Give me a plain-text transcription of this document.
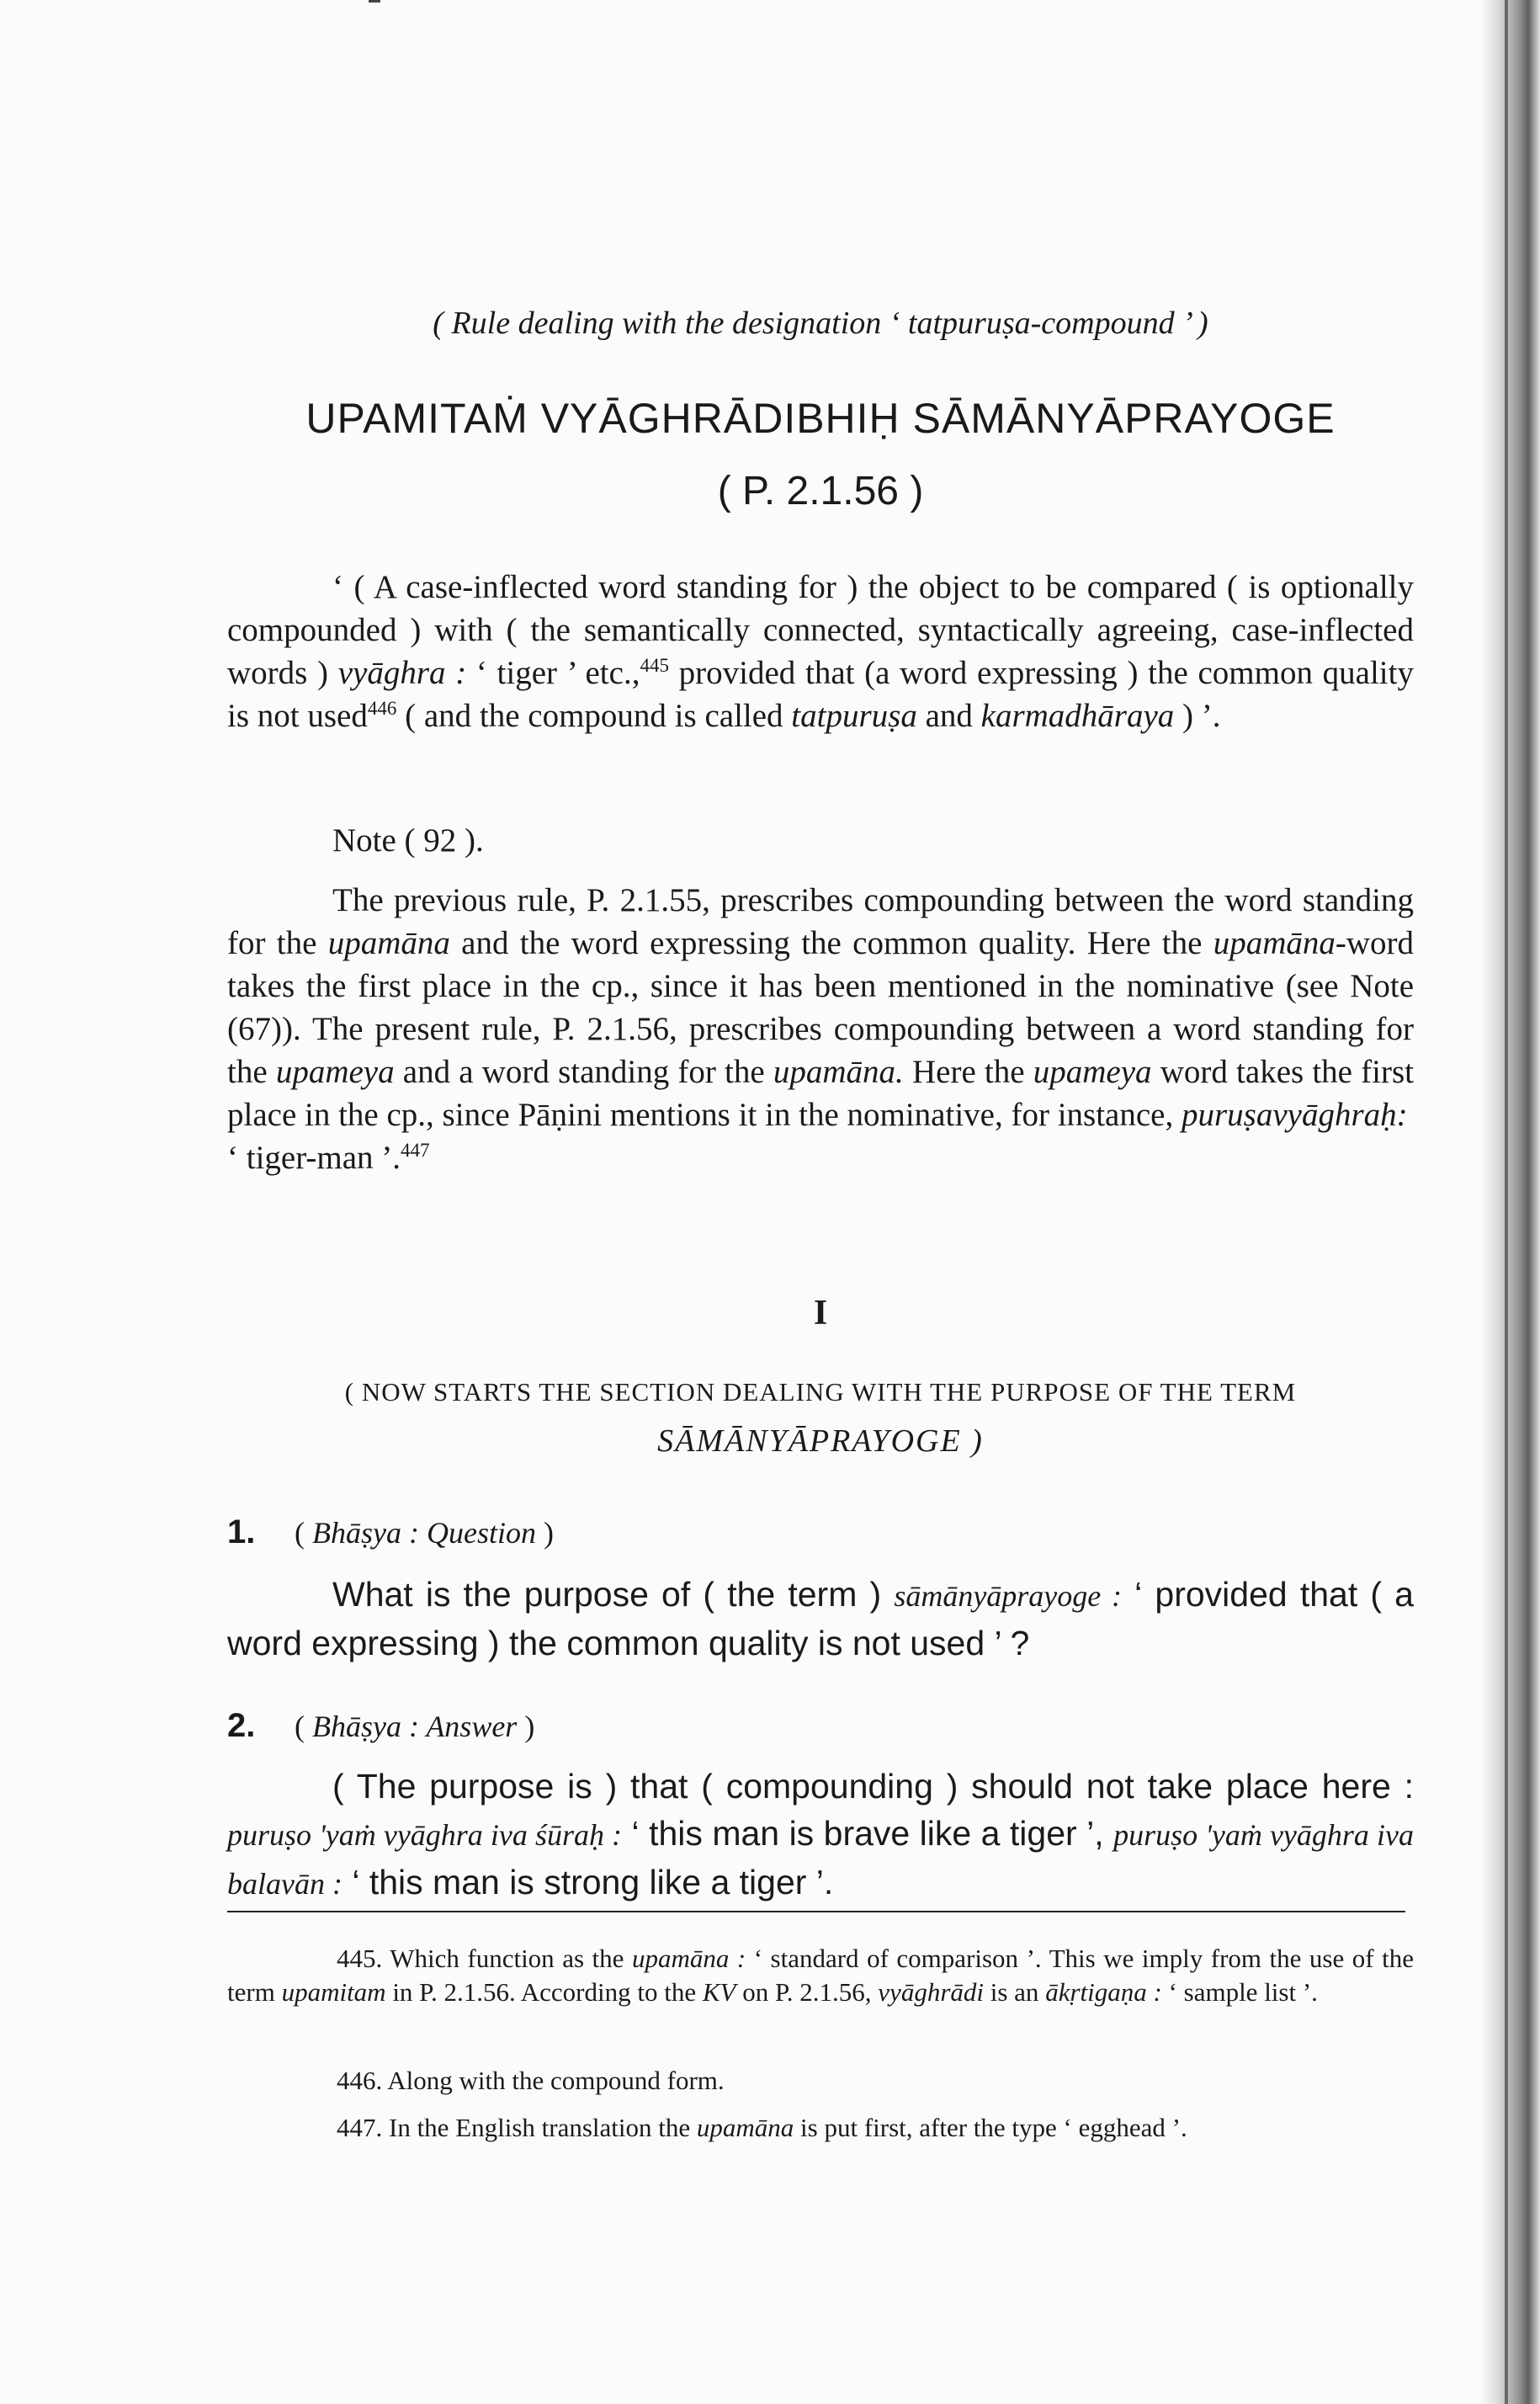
( Rule dealing with the designation ‘ tatpuruṣa-compound ’ )
UPAMITAṀ VYĀGHRĀDIBHIḤ SĀMĀNYĀPRAYOGE
( P. 2.1.56 )

‘ ( A case-inflected word standing for ) the object to be compared ( is optionally compounded ) with ( the semantically connected, syntactically agreeing, case-inflected words ) vyāghra : ‘ tiger ’ etc.,$^{445}$ provided that (a word expressing ) the common quality is not used$^{446}$ ( and the compound is called tatpuruṣa and karmadhāraya ) ’.

Note ( 92 ).

The previous rule, P. 2.1.55, prescribes compounding between the word standing for the upamāna and the word expressing the common quality. Here the upamāna-word takes the first place in the cp., since it has been mentioned in the nominative (see Note (67)). The present rule, P. 2.1.56, prescribes compounding between a word standing for the upameya and a word standing for the upamāna. Here the upameya word takes the first place in the cp., since Pāṇini mentions it in the nominative, for instance, puruṣavyāghraḥ:
‘ tiger-man ’.$^{447}$

I
( NOW STARTS THE SECTION DEALING WITH THE PURPOSE OF THE TERM
SĀMĀNYĀPRAYOGE )
1. ( Bhāṣya : Question )

What is the purpose of ( the term ) sāmānyāprayoge : ‘ provided that ( a word expressing ) the common quality is not used ’ ?

2. ( Bhāṣya : Answer )

( The purpose is ) that ( compounding ) should not take place here : puruṣo 'yaṁ vyāghra iva śūraḥ : ‘ this man is brave like a tiger ’, puruṣo 'yaṁ vyāghra iva balavān : ‘ this man is strong like a tiger ’.

445. Which function as the upamāna : ‘ standard of comparison ’. This we imply from the use of the term upamitam in P. 2.1.56. According to the KV on P. 2.1.56, vyāghrādi is an ākṛtigaṇa : ‘ sample list ’.

446. Along with the compound form.

447. In the English translation the upamāna is put first, after the type ‘ egghead ’.
